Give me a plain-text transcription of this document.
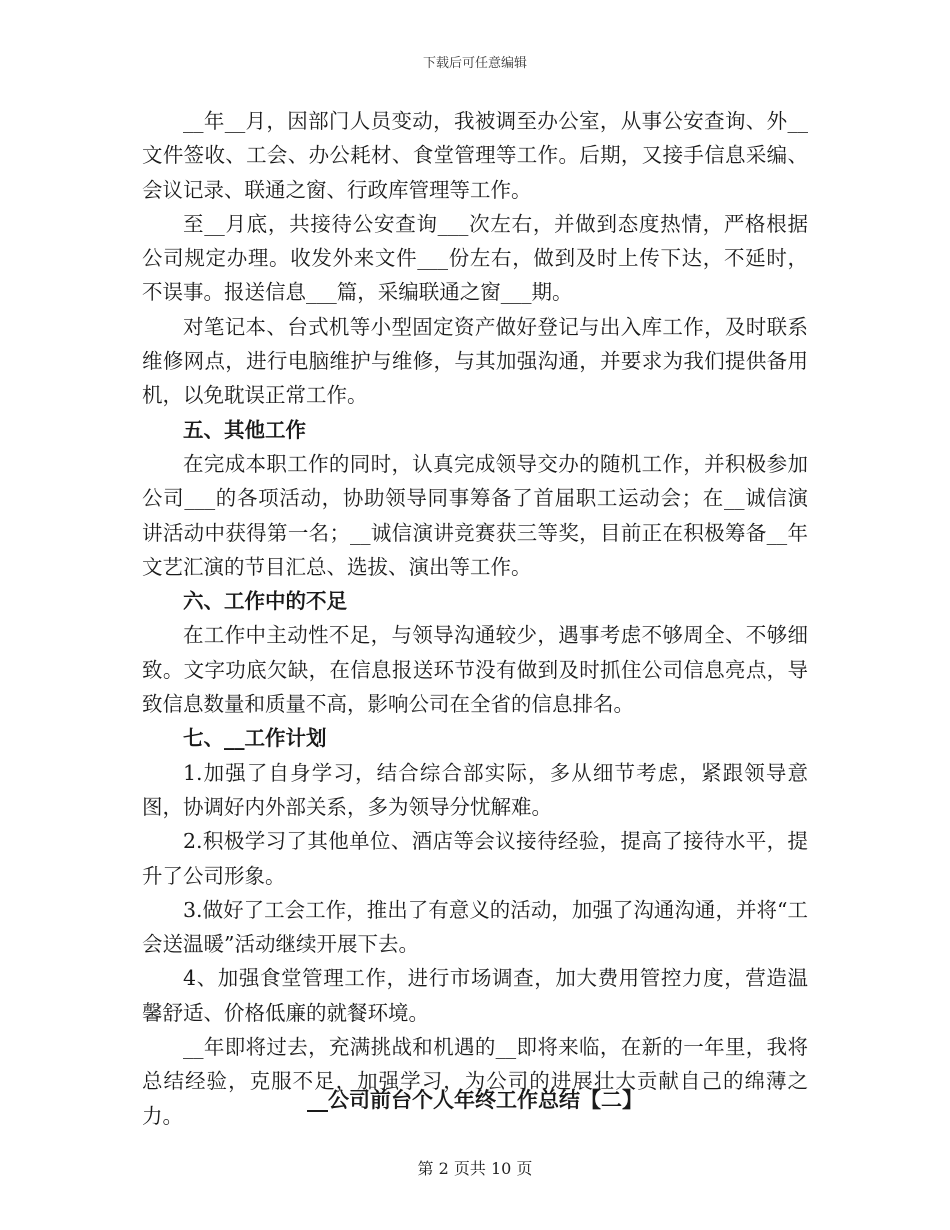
下载后可任意编辑

__年__月，因部门人员变动，我被调至办公室，从事公安查询、外__文件签收、工会、办公耗材、食堂管理等工作。后期，又接手信息采编、会议记录、联通之窗、行政库管理等工作。

至__月底，共接待公安查询___次左右，并做到态度热情，严格根据公司规定办理。收发外来文件___份左右，做到及时上传下达，不延时，不误事。报送信息___篇，采编联通之窗___期。

对笔记本、台式机等小型固定资产做好登记与出入库工作，及时联系维修网点，进行电脑维护与维修，与其加强沟通，并要求为我们提供备用机，以免耽误正常工作。

五、其他工作

在完成本职工作的同时，认真完成领导交办的随机工作，并积极参加公司___的各项活动，协助领导同事筹备了首届职工运动会；在__诚信演讲活动中获得第一名；__诚信演讲竞赛获三等奖，目前正在积极筹备__年文艺汇演的节目汇总、选拔、演出等工作。

六、工作中的不足

在工作中主动性不足，与领导沟通较少，遇事考虑不够周全、不够细致。文字功底欠缺，在信息报送环节没有做到及时抓住公司信息亮点，导致信息数量和质量不高，影响公司在全省的信息排名。

七、__工作计划

1.加强了自身学习，结合综合部实际，多从细节考虑，紧跟领导意图，协调好内外部关系，多为领导分忧解难。

2.积极学习了其他单位、酒店等会议接待经验，提高了接待水平，提升了公司形象。

3.做好了工会工作，推出了有意义的活动，加强了沟通沟通，并将“工会送温暖”活动继续开展下去。

4、加强食堂管理工作，进行市场调查，加大费用管控力度，营造温馨舒适、价格低廉的就餐环境。

__年即将过去，充满挑战和机遇的__即将来临，在新的一年里，我将总结经验，克服不足，加强学习，为公司的进展壮大贡献自己的绵薄之力。

__公司前台个人年终工作总结【二】
第 2 页共 10 页
